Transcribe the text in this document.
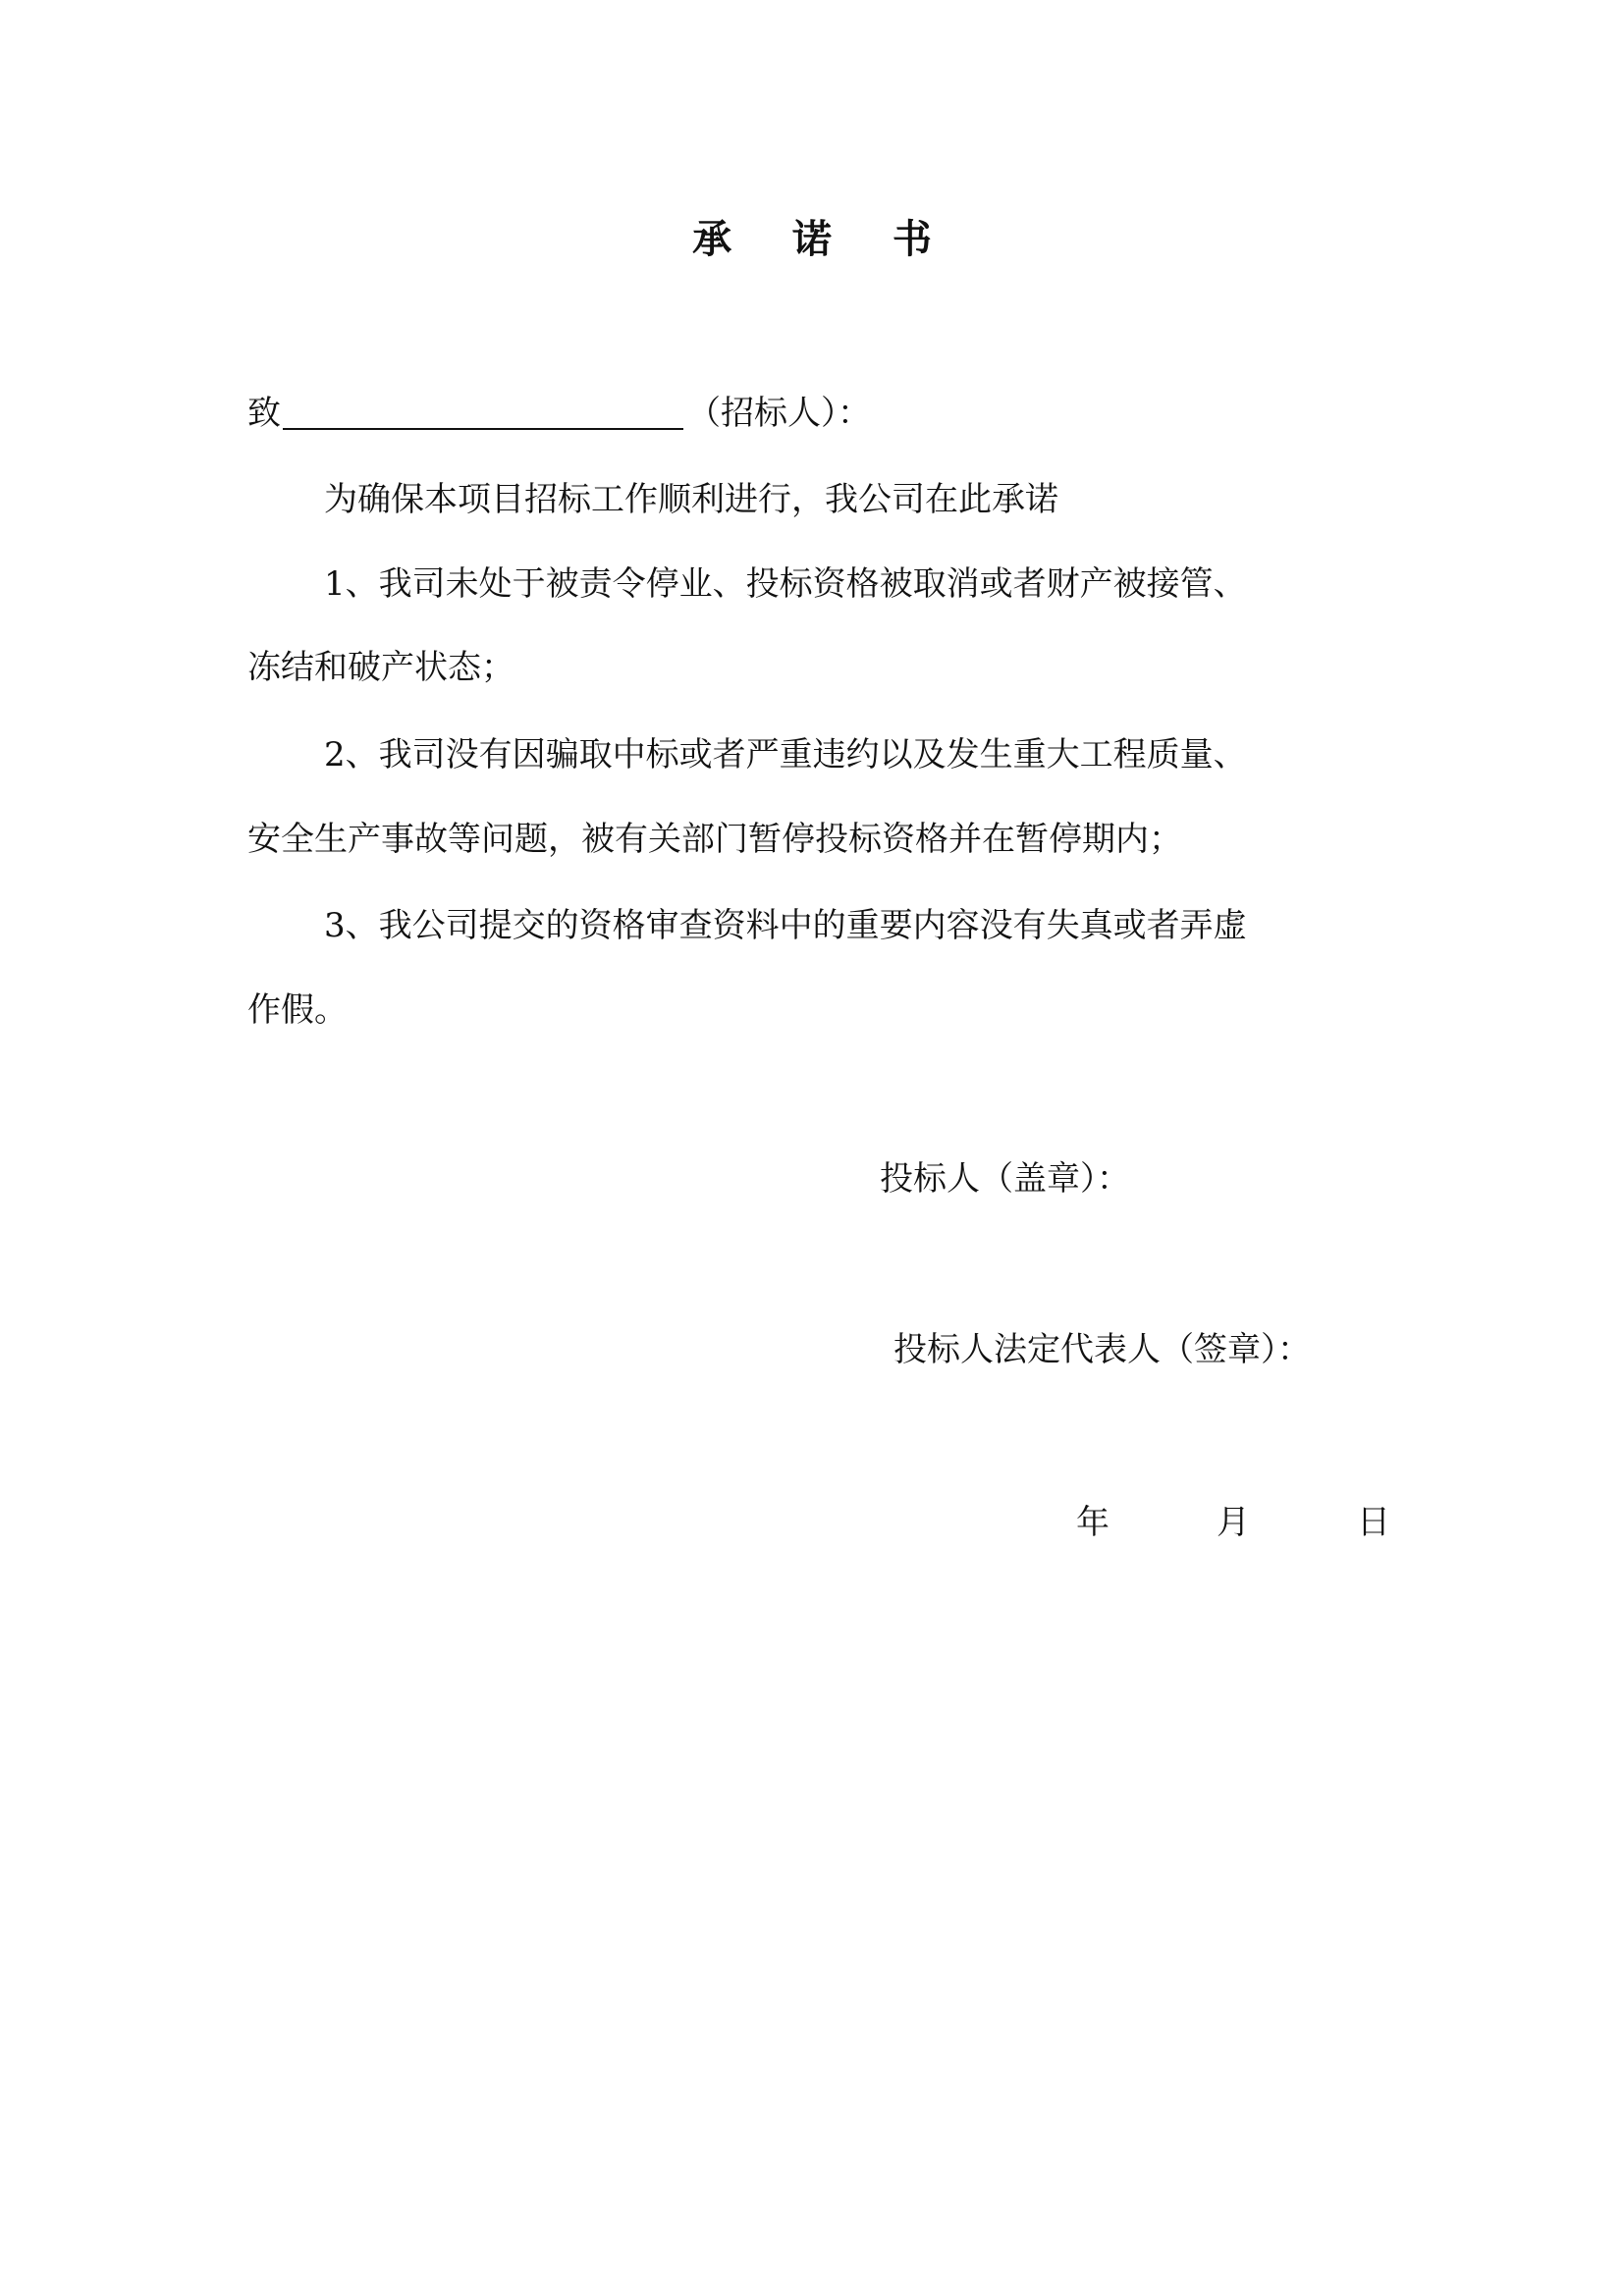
承 诺 书
致	（招标人）：
为确保本项目招标工作顺利进行，我公司在此承诺
1、我司未处于被责令停业、投标资格被取消或者财产被接管、
冻结和破产状态；
2、我司没有因骗取中标或者严重违约以及发生重大工程质量、
安全生产事故等问题，被有关部门暂停投标资格并在暂停期内；
3、我公司提交的资格审查资料中的重要内容没有失真或者弄虚
作假。
投标人（盖章）：
投标人法定代表人（签章）：
年	月	日
